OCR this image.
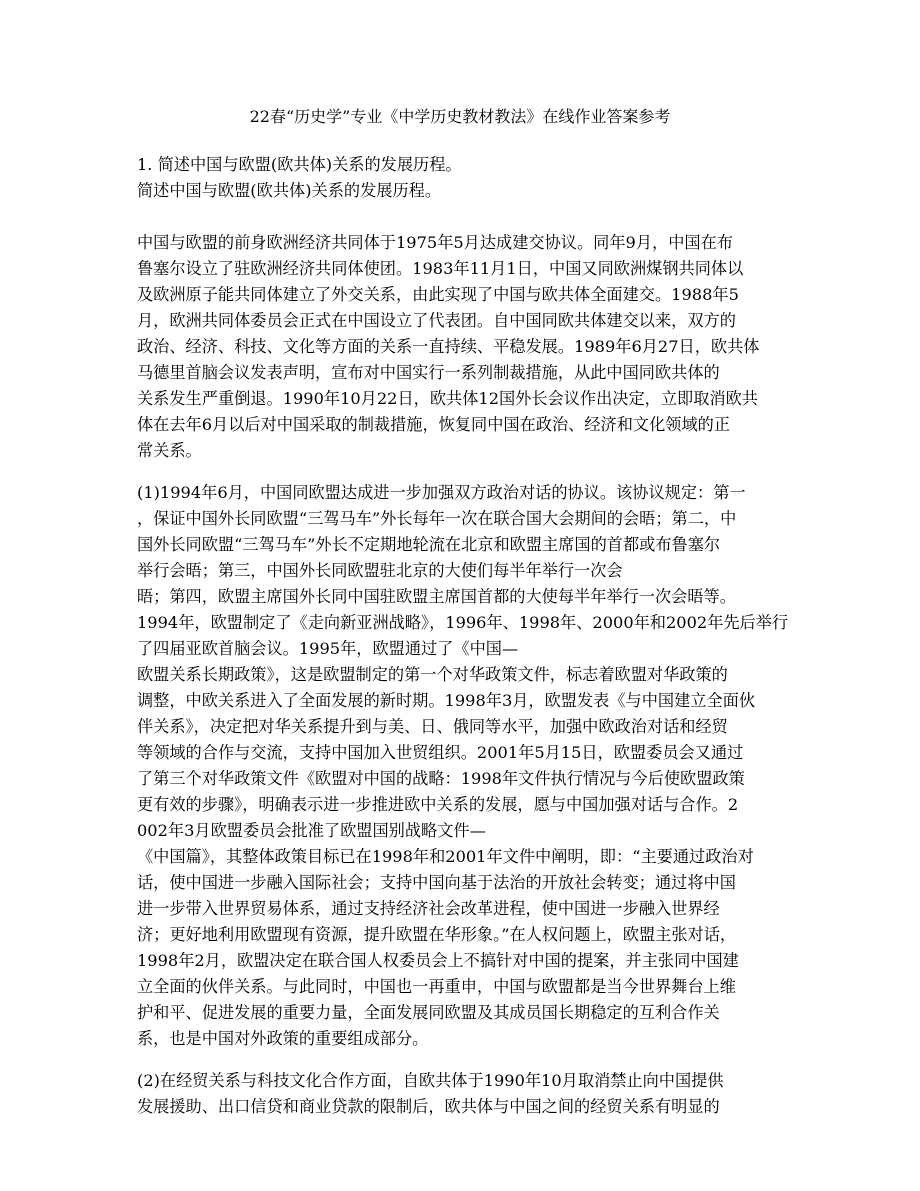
22春“历史学”专业《中学历史教材教法》在线作业答案参考
1. 简述中国与欧盟(欧共体)关系的发展历程。
简述中国与欧盟(欧共体)关系的发展历程。
中国与欧盟的前身欧洲经济共同体于1975年5月达成建交协议。同年9月，中国在布
鲁塞尔设立了驻欧洲经济共同体使团。1983年11月1日，中国又同欧洲煤钢共同体以
及欧洲原子能共同体建立了外交关系，由此实现了中国与欧共体全面建交。1988年5
月，欧洲共同体委员会正式在中国设立了代表团。自中国同欧共体建交以来，双方的
政治、经济、科技、文化等方面的关系一直持续、平稳发展。1989年6月27日，欧共体
马德里首脑会议发表声明，宣布对中国实行一系列制裁措施，从此中国同欧共体的
关系发生严重倒退。1990年10月22日，欧共体12国外长会议作出决定，立即取消欧共
体在去年6月以后对中国采取的制裁措施，恢复同中国在政治、经济和文化领域的正
常关系。
(1)1994年6月，中国同欧盟达成进一步加强双方政治对话的协议。该协议规定：第一
，保证中国外长同欧盟“三驾马车”外长每年一次在联合国大会期间的会晤；第二，中
国外长同欧盟“三驾马车”外长不定期地轮流在北京和欧盟主席国的首都或布鲁塞尔
举行会晤；第三，中国外长同欧盟驻北京的大使们每半年举行一次会
晤；第四，欧盟主席国外长同中国驻欧盟主席国首都的大使每半年举行一次会晤等。
1994年，欧盟制定了《走向新亚洲战略》，1996年、1998年、2000年和2002年先后举行
了四届亚欧首脑会议。1995年，欧盟通过了《中国—
欧盟关系长期政策》，这是欧盟制定的第一个对华政策文件，标志着欧盟对华政策的
调整，中欧关系进入了全面发展的新时期。1998年3月，欧盟发表《与中国建立全面伙
伴关系》，决定把对华关系提升到与美、日、俄同等水平，加强中欧政治对话和经贸
等领域的合作与交流，支持中国加入世贸组织。2001年5月15日，欧盟委员会又通过
了第三个对华政策文件《欧盟对中国的战略：1998年文件执行情况与今后使欧盟政策
更有效的步骤》，明确表示进一步推进欧中关系的发展，愿与中国加强对话与合作。2
002年3月欧盟委员会批准了欧盟国别战略文件—
《中国篇》，其整体政策目标已在1998年和2001年文件中阐明，即：“主要通过政治对
话，使中国进一步融入国际社会；支持中国向基于法治的开放社会转变；通过将中国
进一步带入世界贸易体系，通过支持经济社会改革进程，使中国进一步融入世界经
济；更好地利用欧盟现有资源，提升欧盟在华形象。”在人权问题上，欧盟主张对话，
1998年2月，欧盟决定在联合国人权委员会上不搞针对中国的提案，并主张同中国建
立全面的伙伴关系。与此同时，中国也一再重申，中国与欧盟都是当今世界舞台上维
护和平、促进发展的重要力量，全面发展同欧盟及其成员国长期稳定的互利合作关
系，也是中国对外政策的重要组成部分。
(2)在经贸关系与科技文化合作方面，自欧共体于1990年10月取消禁止向中国提供
发展援助、出口信贷和商业贷款的限制后，欧共体与中国之间的经贸关系有明显的
